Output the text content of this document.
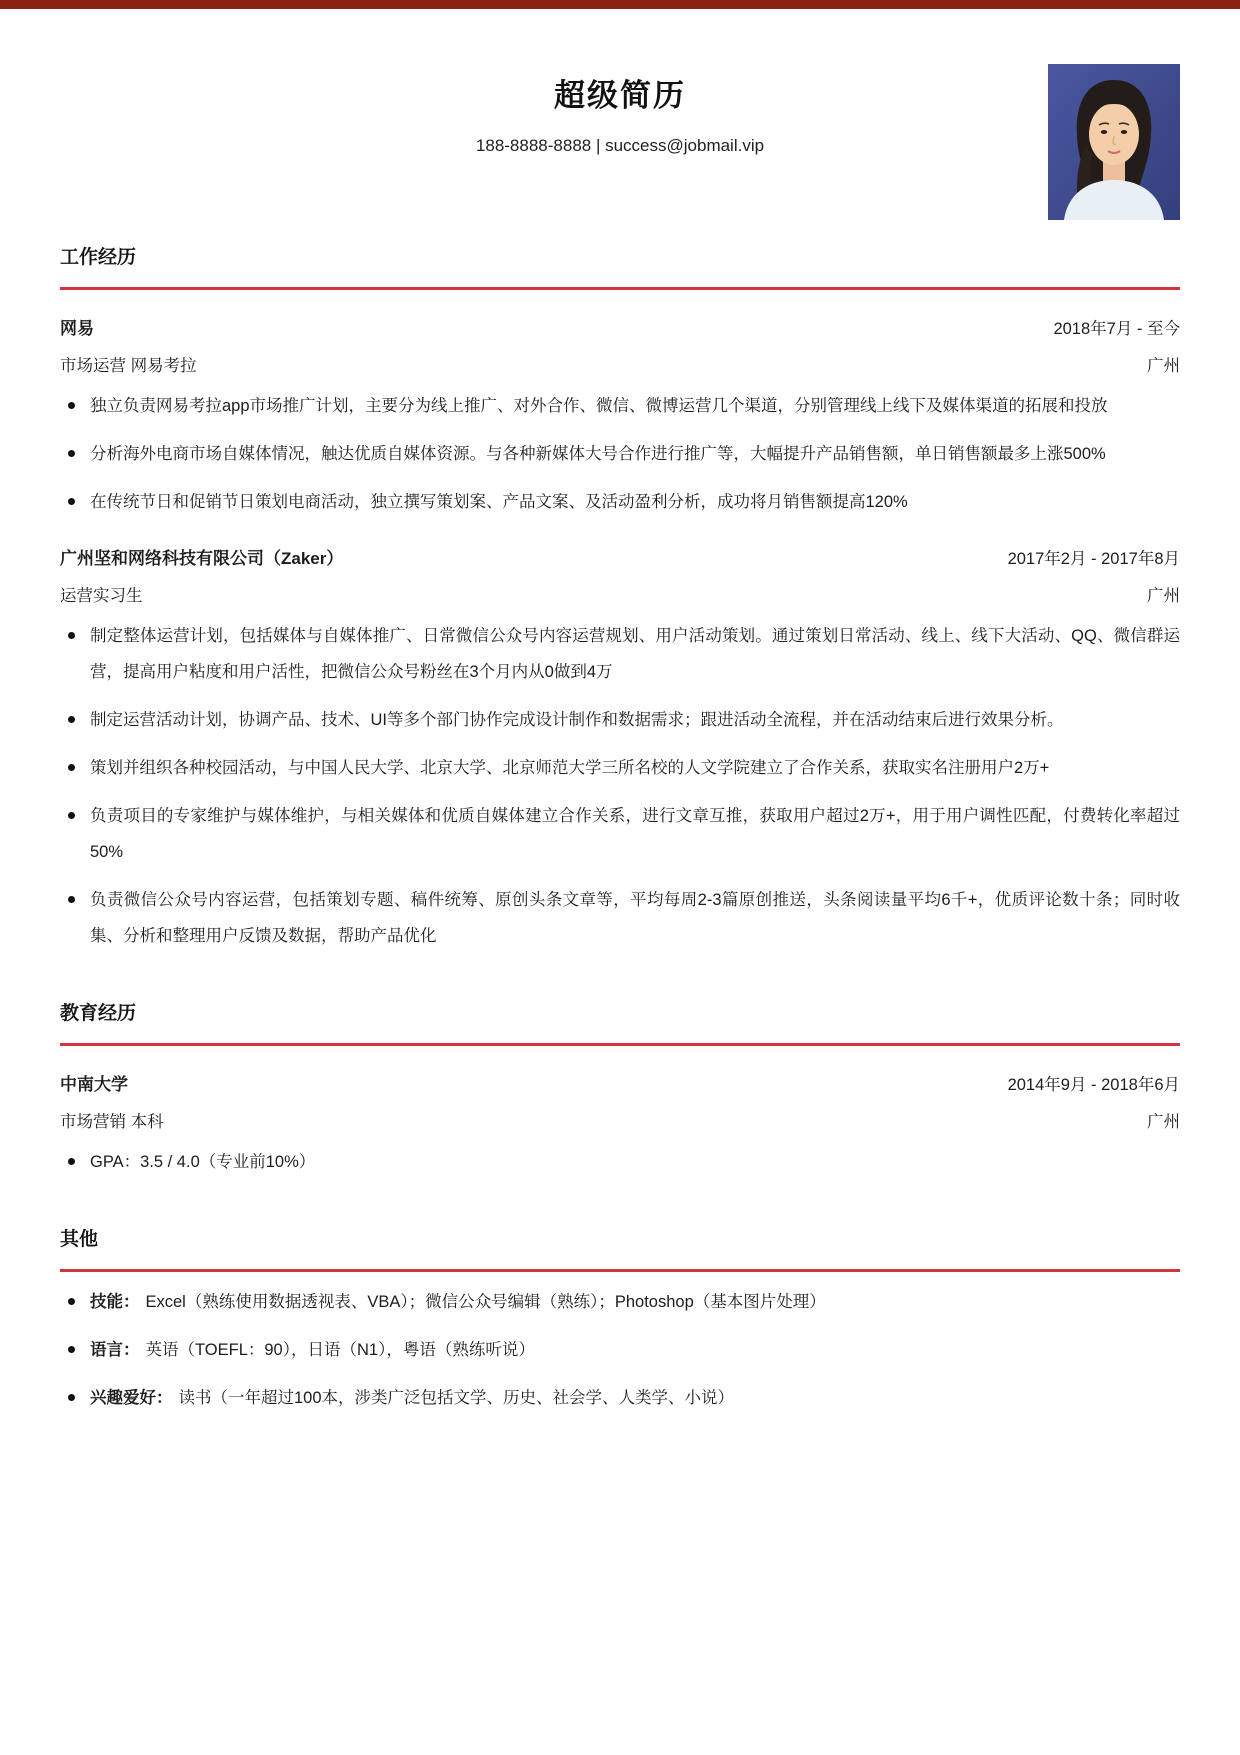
超级简历
188-8888-8888 | success@jobmail.vip
工作经历
网易	2018年7月 - 至今
市场运营 网易考拉	广州
独立负责网易考拉app市场推广计划，主要分为线上推广、对外合作、微信、微博运营几个渠道，分别管理线上线下及媒体渠道的拓展和投放
分析海外电商市场自媒体情况，触达优质自媒体资源。与各种新媒体大号合作进行推广等，大幅提升产品销售额，单日销售额最多上涨500%
在传统节日和促销节日策划电商活动，独立撰写策划案、产品文案、及活动盈利分析，成功将月销售额提高120%
广州坚和网络科技有限公司（Zaker）	2017年2月 - 2017年8月
运营实习生	广州
制定整体运营计划，包括媒体与自媒体推广、日常微信公众号内容运营规划、用户活动策划。通过策划日常活动、线上、线下大活动、QQ、微信群运营，提高用户粘度和用户活性，把微信公众号粉丝在3个月内从0做到4万
制定运营活动计划，协调产品、技术、UI等多个部门协作完成设计制作和数据需求；跟进活动全流程，并在活动结束后进行效果分析。
策划并组织各种校园活动，与中国人民大学、北京大学、北京师范大学三所名校的人文学院建立了合作关系，获取实名注册用户2万+
负责项目的专家维护与媒体维护，与相关媒体和优质自媒体建立合作关系，进行文章互推，获取用户超过2万+，用于用户调性匹配，付费转化率超过50%
负责微信公众号内容运营，包括策划专题、稿件统筹、原创头条文章等，平均每周2-3篇原创推送，头条阅读量平均6千+，优质评论数十条；同时收集、分析和整理用户反馈及数据，帮助产品优化
教育经历
中南大学	2014年9月 - 2018年6月
市场营销 本科	广州
GPA：3.5 / 4.0（专业前10%）
其他
技能： Excel（熟练使用数据透视表、VBA）；微信公众号编辑（熟练）；Photoshop（基本图片处理）
语言： 英语（TOEFL：90），日语（N1），粤语（熟练听说）
兴趣爱好： 读书（一年超过100本，涉类广泛包括文学、历史、社会学、人类学、小说）
